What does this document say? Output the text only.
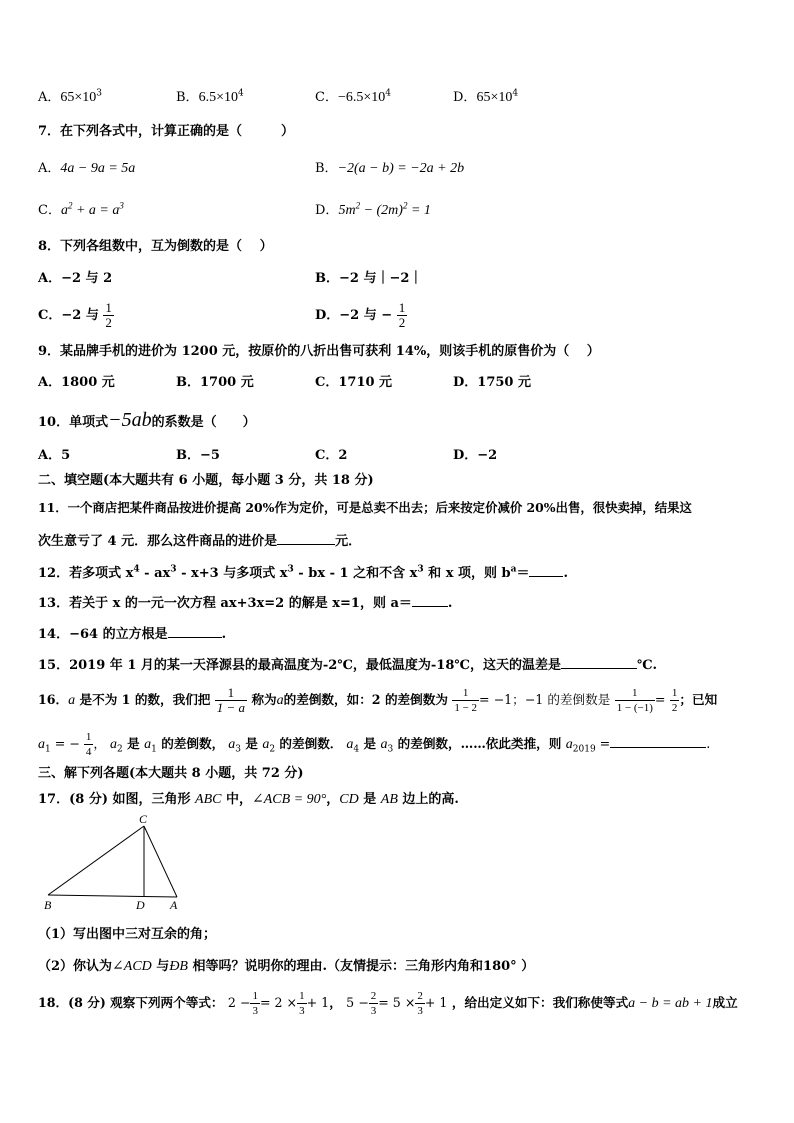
A．$65\times 10^3$	B．$6.5\times 10^4$	C．$-6.5\times 10^4$	D．$65\times 10^4$
7．在下列各式中，计算正确的是（　　　）
A．4a − 9a = 5a	B．−2(a − b) = −2a + 2b
C．$a^2 + a = a^3$	D．$5m^2 - (2m)^2 = 1$
8．下列各组数中，互为倒数的是（　 ）
A．−2 与 2	B．−2 与｜−2｜
C．−2 与 $\frac{1}{2}$	D．−2 与 − $\frac{1}{2}$
9．某品牌手机的进价为 1200 元，按原价的八折出售可获利 14%，则该手机的原售价为（　 ）
A．1800 元	B．1700 元	C．1710 元	D．1750 元
10．单项式−5ab的系数是（　　）
A．5	B．−5	C．2	D．−2
二、填空题(本大题共有 6 小题，每小题 3 分，共 18 分)
11．一个商店把某件商品按进价提高 20%作为定价，可是总卖不出去；后来按定价减价 20%出售，很快卖掉，结果这
次生意亏了 4 元．那么这件商品的进价是	元．
12．若多项式 $x^4 - ax^3 - x+3$ 与多项式 $x^3$ - bx - 1 之和不含 $x^3$ 和 x 项，则 $b^a=$	.
13．若关于 x 的一元一次方程 ax+3x=2 的解是 x=1，则 a＝	.
14．−64 的立方根是	.
15．2019 年 1 月的某一天泽源县的最高温度为-2℃，最低温度为-18℃，这天的温差是	℃.
16．a 是不为 1 的数，我们把 $\frac{1}{1 - a}$ 称为a的差倒数，如：2 的差倒数为 $\frac{1}{1 - 2} = -1$；−1 的差倒数是 $\frac{1}{1 - (-1)} = \frac{1}{2}$ ；已知
$a_1$ = − $\frac{1}{4}$ ， $a_2$ 是 $a_1$ 的差倒数， $a_3$ 是 $a_2$ 的差倒数． $a_4$ 是 $a_3$ 的差倒数，……依此类推，则 $a_{2019}$ =	.
三、解下列各题(本大题共 8 小题，共 72 分)
17．(8 分) 如图，三角形 ABC 中，∠ACB = 90°，CD 是 AB 边上的高.
C
B	D A
（1）写出图中三对互余的角；
（2）你认为∠ACD 与ÐB 相等吗？说明你的理由.（友情提示：三角形内角和180° ）
18．(8 分) 观察下列两个等式： $2 - \frac{1}{3} = 2 \times \frac{1}{3} + 1$， $5 - \frac{2}{3} = 5 \times \frac{2}{3} + 1$ ，给出定义如下：我们称使等式a − b = ab + 1成立
